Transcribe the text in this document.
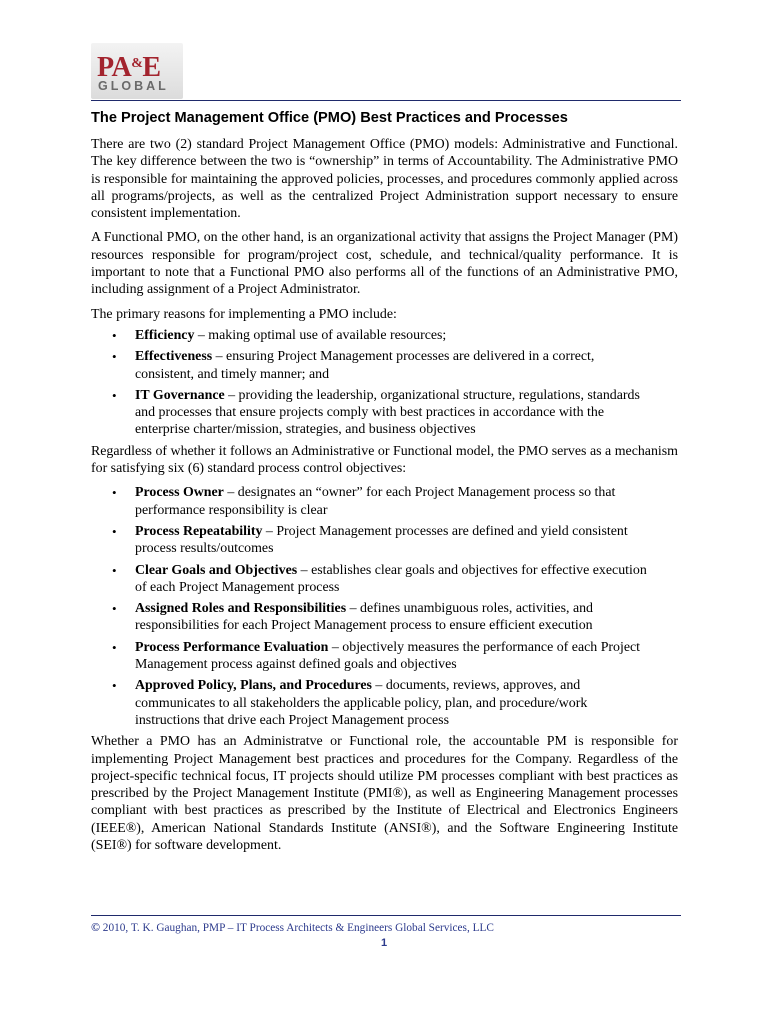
PA&E
GLOBAL
The Project Management Office (PMO) Best Practices and Processes

There are two (2) standard Project Management Office (PMO) models: Administrative and Functional. The key difference between the two is “ownership” in terms of Accountability. The Administrative PMO is responsible for maintaining the approved policies, processes, and procedures commonly applied across all programs/projects, as well as the centralized Project Administration support necessary to ensure consistent implementation.

A Functional PMO, on the other hand, is an organizational activity that assigns the Project Manager (PM) resources responsible for program/project cost, schedule, and technical/quality performance. It is important to note that a Functional PMO also performs all of the functions of an Administrative PMO, including assignment of a Project Administrator.

The primary reasons for implementing a PMO include:

• Efficiency – making optimal use of available resources;
• Effectiveness – ensuring Project Management processes are delivered in a correct, consistent, and timely manner; and
• IT Governance – providing the leadership, organizational structure, regulations, standards and processes that ensure projects comply with best practices in accordance with the enterprise charter/mission, strategies, and business objectives

Regardless of whether it follows an Administrative or Functional model, the PMO serves as a mechanism for satisfying six (6) standard process control objectives:

• Process Owner – designates an “owner” for each Project Management process so that performance responsibility is clear
• Process Repeatability – Project Management processes are defined and yield consistent process results/outcomes
• Clear Goals and Objectives – establishes clear goals and objectives for effective execution of each Project Management process
• Assigned Roles and Responsibilities – defines unambiguous roles, activities, and responsibilities for each Project Management process to ensure efficient execution
• Process Performance Evaluation – objectively measures the performance of each Project Management process against defined goals and objectives
• Approved Policy, Plans, and Procedures – documents, reviews, approves, and communicates to all stakeholders the applicable policy, plan, and procedure/work instructions that drive each Project Management process

Whether a PMO has an Administratve or Functional role, the accountable PM is responsible for implementing Project Management best practices and procedures for the Company. Regardless of the project-specific technical focus, IT projects should utilize PM processes compliant with best practices as prescribed by the Project Management Institute (PMI®), as well as Engineering Management processes compliant with best practices as prescribed by the Institute of Electrical and Electronics Engineers (IEEE®), American National Standards Institute (ANSI®), and the Software Engineering Institute (SEI®) for software development.

© 2010, T. K. Gaughan, PMP – IT Process Architects & Engineers Global Services, LLC
1
